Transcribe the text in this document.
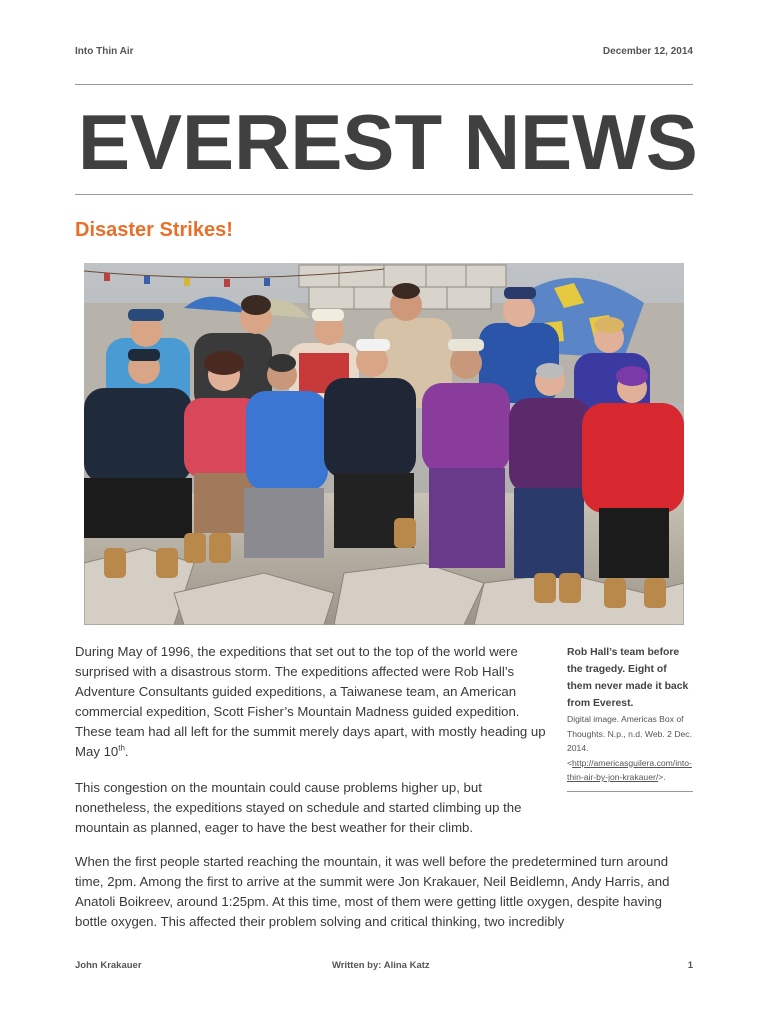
Into Thin Air	December 12, 2014
EVEREST NEWS
Disaster Strikes!

During May of 1996, the expeditions that set out to the top of the world were surprised with a disastrous storm. The expeditions affected were Rob Hall’s Adventure Consultants guided expeditions, a Taiwanese team, an American commercial expedition, Scott Fisher’s Mountain Madness guided expedition. These team had all left for the summit merely days apart, with mostly heading up May 10th.

This congestion on the mountain could cause problems higher up, but nonetheless, the expeditions stayed on schedule and started climbing up the mountain as planned, eager to have the best weather for their climb.

When the first people started reaching the mountain, it was well before the predetermined turn around time, 2pm. Among the first to arrive at the summit were Jon Krakauer, Neil Beidlemn, Andy Harris, and Anatoli Boikreev, around 1:25pm. At this time, most of them were getting little oxygen, despite having bottle oxygen. This affected their problem solving and critical thinking, two incredibly

Rob Hall’s team before the tragedy. Eight of them never made it back from Everest.

Digital image. Americas Box of Thoughts. N.p., n.d. Web. 2 Dec. 2014. <http://americasguilera.com/into-thin-air-by-jon-krakauer/>.

John Krakauer	Written by: Alina Katz	1
